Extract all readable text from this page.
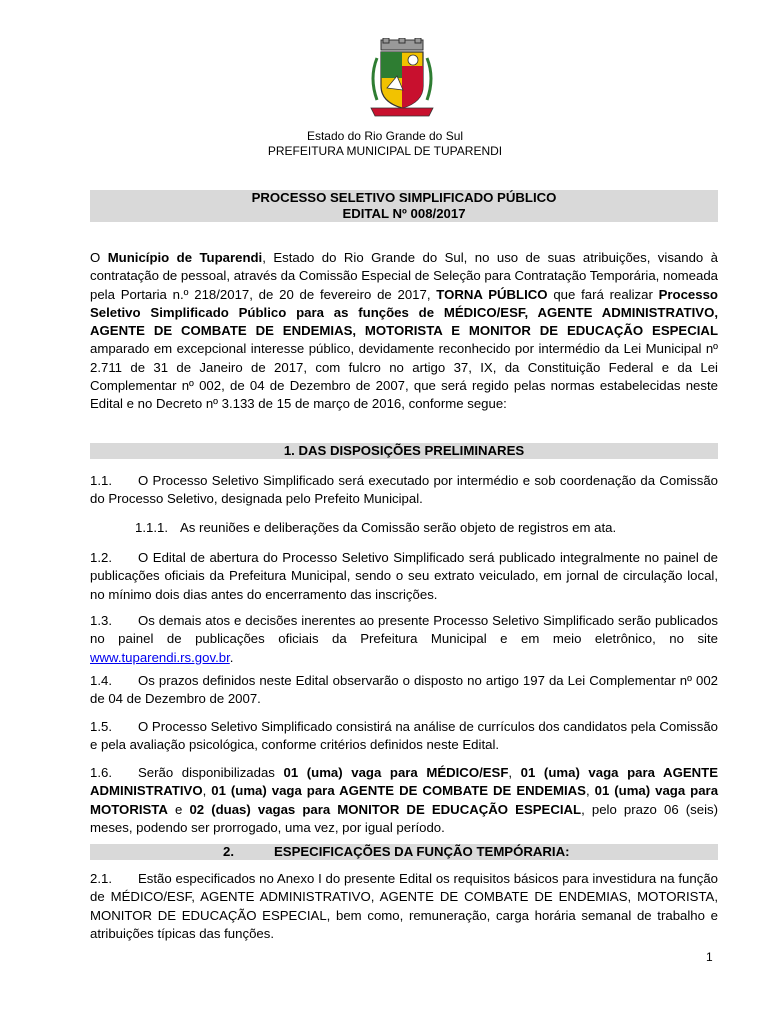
Estado do Rio Grande do Sul
PREFEITURA MUNICIPAL DE TUPARENDI
PROCESSO SELETIVO SIMPLIFICADO PÚBLICO
EDITAL Nº 008/2017
O Município de Tuparendi, Estado do Rio Grande do Sul, no uso de suas atribuições, visando à contratação de pessoal, através da Comissão Especial de Seleção para Contratação Temporária, nomeada pela Portaria n.º 218/2017, de 20 de fevereiro de 2017, TORNA PÚBLICO que fará realizar Processo Seletivo Simplificado Público para as funções de MÉDICO/ESF, AGENTE ADMINISTRATIVO, AGENTE DE COMBATE DE ENDEMIAS, MOTORISTA E MONITOR DE EDUCAÇÃO ESPECIAL amparado em excepcional interesse público, devidamente reconhecido por intermédio da Lei Municipal nº 2.711 de 31 de Janeiro de 2017, com fulcro no artigo 37, IX, da Constituição Federal e da Lei Complementar nº 002, de 04 de Dezembro de 2007, que será regido pelas normas estabelecidas neste Edital e no Decreto nº 3.133 de 15 de março de 2016, conforme segue:
1. DAS DISPOSIÇÕES PRELIMINARES
1.1. O Processo Seletivo Simplificado será executado por intermédio e sob coordenação da Comissão do Processo Seletivo, designada pelo Prefeito Municipal.
1.1.1. As reuniões e deliberações da Comissão serão objeto de registros em ata.
1.2. O Edital de abertura do Processo Seletivo Simplificado será publicado integralmente no painel de publicações oficiais da Prefeitura Municipal, sendo o seu extrato veiculado, em jornal de circulação local, no mínimo dois dias antes do encerramento das inscrições.
1.3. Os demais atos e decisões inerentes ao presente Processo Seletivo Simplificado serão publicados no painel de publicações oficiais da Prefeitura Municipal e em meio eletrônico, no site www.tuparendi.rs.gov.br.
1.4. Os prazos definidos neste Edital observarão o disposto no artigo 197 da Lei Complementar nº 002 de 04 de Dezembro de 2007.
1.5. O Processo Seletivo Simplificado consistirá na análise de currículos dos candidatos pela Comissão e pela avaliação psicológica, conforme critérios definidos neste Edital.
1.6. Serão disponibilizadas 01 (uma) vaga para MÉDICO/ESF, 01 (uma) vaga para AGENTE ADMINISTRATIVO, 01 (uma) vaga para AGENTE DE COMBATE DE ENDEMIAS, 01 (uma) vaga para MOTORISTA e 02 (duas) vagas para MONITOR DE EDUCAÇÃO ESPECIAL, pelo prazo 06 (seis) meses, podendo ser prorrogado, uma vez, por igual período.
2.	ESPECIFICAÇÕES DA FUNÇÃO TEMPÓRARIA:
2.1. Estão especificados no Anexo I do presente Edital os requisitos básicos para investidura na função de MÉDICO/ESF, AGENTE ADMINISTRATIVO, AGENTE DE COMBATE DE ENDEMIAS, MOTORISTA, MONITOR DE EDUCAÇÃO ESPECIAL, bem como, remuneração, carga horária semanal de trabalho e atribuições típicas das funções.
1
